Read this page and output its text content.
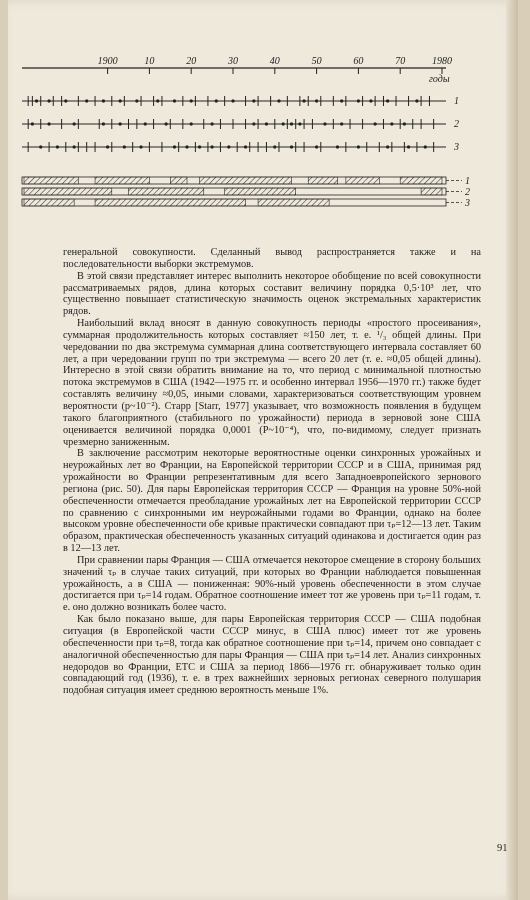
1900	10	20	30	40	50	60	70	1980
годы
1
2
3
1
2
3

генеральной совокупности. Сделанный вывод распространяется также и на последовательности выборки экстремумов.

В этой связи представляет интерес выполнить некоторое обобщение по всей совокупности рассматриваемых рядов, длина которых составит величину порядка 0,5·10³ лет, что существенно повышает статистическую значимость оценок экстремальных характеристик рядов.

Наибольший вклад вносят в данную совокупность периоды «простого просеивания», суммарная продолжительность которых составляет ≈150 лет, т. е. ¹/₃ общей длины. При чередовании по два экстремума суммарная длина соответствующего интервала составляет 60 лет, а при чередовании групп по три экстремума — всего 20 лет (т. е. ≈0,05 общей длины). Интересно в этой связи обратить внимание на то, что период с минимальной плотностью потока экстремумов в США (1942—1975 гг. и особенно интервал 1956—1970 гг.) также будет составлять величину ≈0,05, иными словами, характеризоваться соответствующим уровнем вероятности (p~10⁻²). Старр [Starr, 1977] указывает, что возможность появления в будущем такого благоприятного (стабильного по урожайности) периода в зерновой зоне США оценивается величиной порядка 0,0001 (P~10⁻⁴), что, по-видимому, следует признать чрезмерно заниженным.

В заключение рассмотрим некоторые вероятностные оценки синхронных урожайных и неурожайных лет во Франции, на Европейской территории СССР и в США, принимая ряд урожайности во Франции репрезентативным для всего Западноевропейского зернового региона (рис. 50). Для пары Европейская территория СССР — Франция на уровне 50%-ной обеспеченности отмечается преобладание урожайных лет на Европейской территории СССР по сравнению с синхронными им неурожайными годами во Франции, однако на более высоком уровне обеспеченности обе кривые практически совпадают при τₚ=12—13 лет. Таким образом, практическая обеспеченность указанных ситуаций одинакова и достигается один раз в 12—13 лет.

При сравнении пары Франция — США отмечается некоторое смещение в сторону больших значений τₚ в случае таких ситуаций, при которых во Франции наблюдается повышенная урожайность, а в США — пониженная: 90%-ный уровень обеспеченности в этом случае достигается при τₚ=14 годам. Обратное соотношение имеет тот же уровень при τₚ=11 годам, т. е. оно должно возникать более часто.

Как было показано выше, для пары Европейская территория СССР — США подобная ситуация (в Европейской части СССР минус, в США плюс) имеет тот же уровень обеспеченности при τₚ=8, тогда как обратное соотношение при τₚ=14, причем оно совпадает с аналогичной обеспеченностью для пары Франция — США при τₚ=14 лет. Анализ синхронных недородов во Франции, ЕТС и США за период 1866—1976 гг. обнаруживает только один совпадающий год (1936), т. е. в трех важнейших зерновых регионах северного полушария подобная ситуация имеет среднюю вероятность меньше 1%.

91
